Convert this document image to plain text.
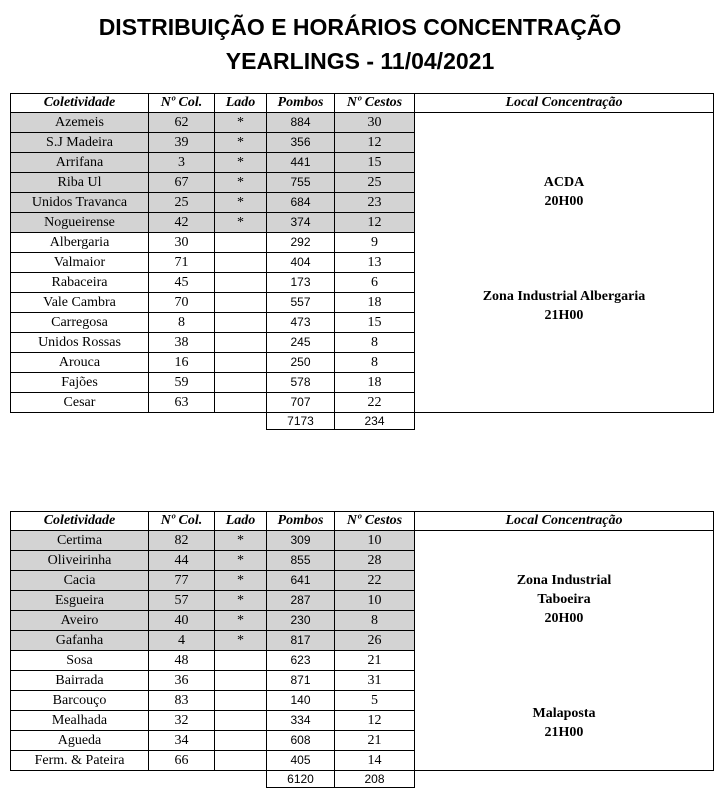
DISTRIBUIÇÃO E HORÁRIOS CONCENTRAÇÃO
YEARLINGS - 11/04/2021
Coletividade	Nº Col.	Lado	Pombos	Nº Cestos	Local Concentração
Azemeis	62	*	884	30	ACDA
20H00
Zona Industrial Albergaria
21H00

S.J Madeira	39	*	356	12	
Arrifana	3	*	441	15	
Riba Ul	67	*	755	25	
Unidos Travanca	25	*	684	23	
Nogueirense	42	*	374	12	
Albergaria	30		292	9	
Valmaior	71		404	13	
Rabaceira	45		173	6	
Vale Cambra	70		557	18	
Carregosa	8		473	15	
Unidos Rossas	38		245	8	
Arouca	16		250	8	
Fajões	59		578	18	
Cesar	63		707	22	
			7173	234	
Coletividade	Nº Col.	Lado	Pombos	Nº Cestos	Local Concentração
Certima	82	*	309	10	Zona Industrial
Taboeira
20H00
Malaposta
21H00

Oliveirinha	44	*	855	28	
Cacia	77	*	641	22	
Esgueira	57	*	287	10	
Aveiro	40	*	230	8	
Gafanha	4	*	817	26	
Sosa	48		623	21	
Bairrada	36		871	31	
Barcouço	83		140	5	
Mealhada	32		334	12	
Agueda	34		608	21	
Ferm. & Pateira	66		405	14	
			6120	208	
